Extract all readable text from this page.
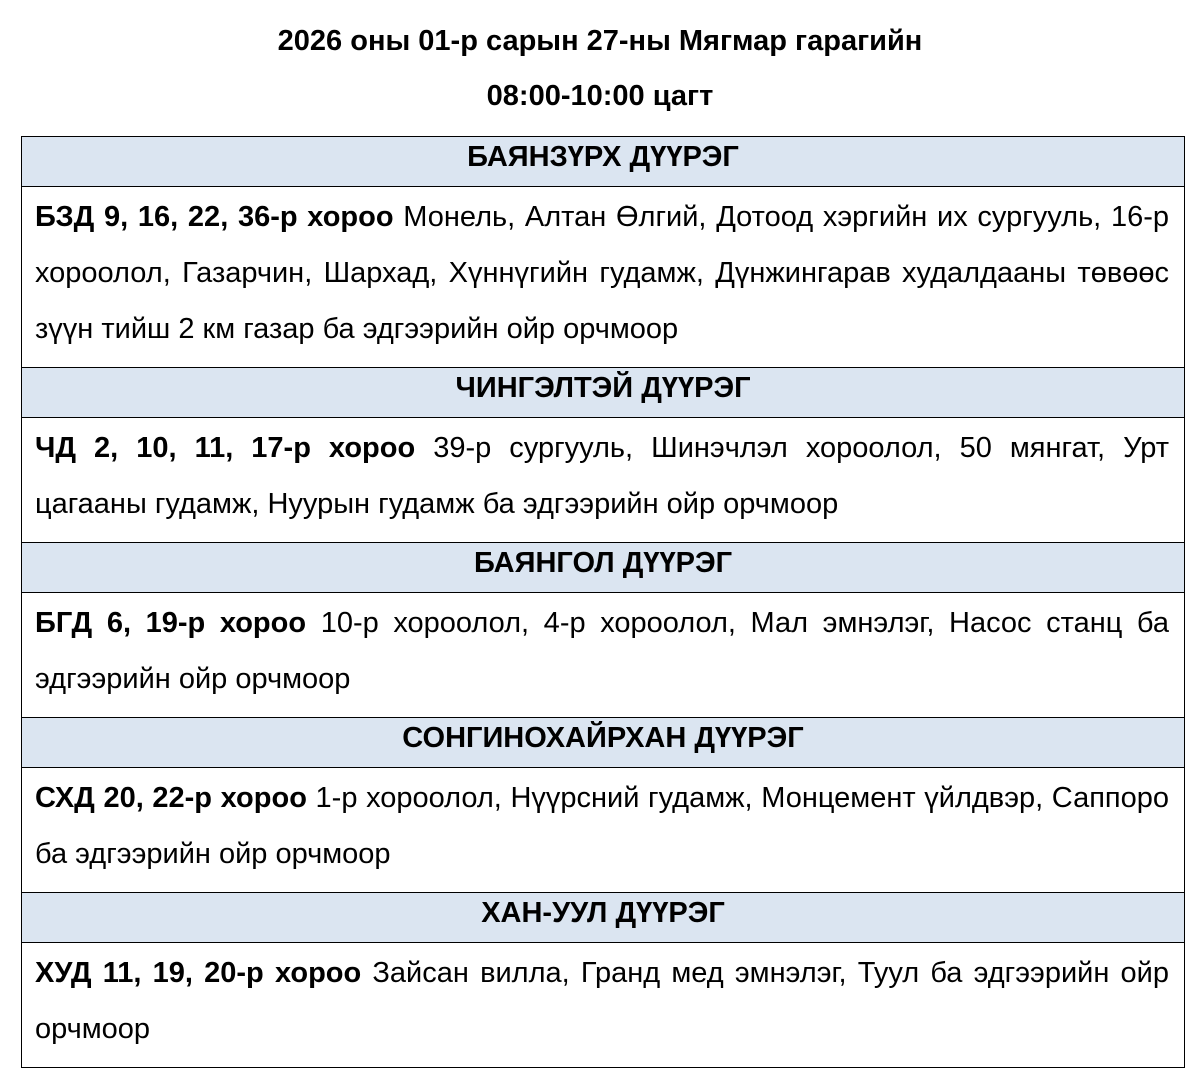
2026 оны 01-р сарын 27-ны Мягмар гарагийн
08:00-10:00 цагт
БАЯНЗҮРХ ДҮҮРЭГ
БЗД 9, 16, 22, 36-р хороо Монель, Алтан Өлгий, Дотоод хэргийн их сургууль, 16-р хороолол, Газарчин, Шархад, Хүннүгийн гудамж, Дүнжингарав худалдааны төвөөс зүүн тийш 2 км газар ба эдгээрийн ойр орчмоор
ЧИНГЭЛТЭЙ ДҮҮРЭГ
ЧД 2, 10, 11, 17-р хороо 39-р сургууль, Шинэчлэл хороолол, 50 мянгат, Урт цагааны гудамж, Нуурын гудамж ба эдгээрийн ойр орчмоор
БАЯНГОЛ ДҮҮРЭГ
БГД 6, 19-р хороо 10-р хороолол, 4-р хороолол, Мал эмнэлэг, Насос станц ба эдгээрийн ойр орчмоор
СОНГИНОХАЙРХАН ДҮҮРЭГ
СХД 20, 22-р хороо 1-р хороолол, Нүүрсний гудамж, Монцемент үйлдвэр, Саппоро ба эдгээрийн ойр орчмоор
ХАН-УУЛ ДҮҮРЭГ
ХУД 11, 19, 20-р хороо Зайсан вилла, Гранд мед эмнэлэг, Туул ба эдгээрийн ойр орчмоор
